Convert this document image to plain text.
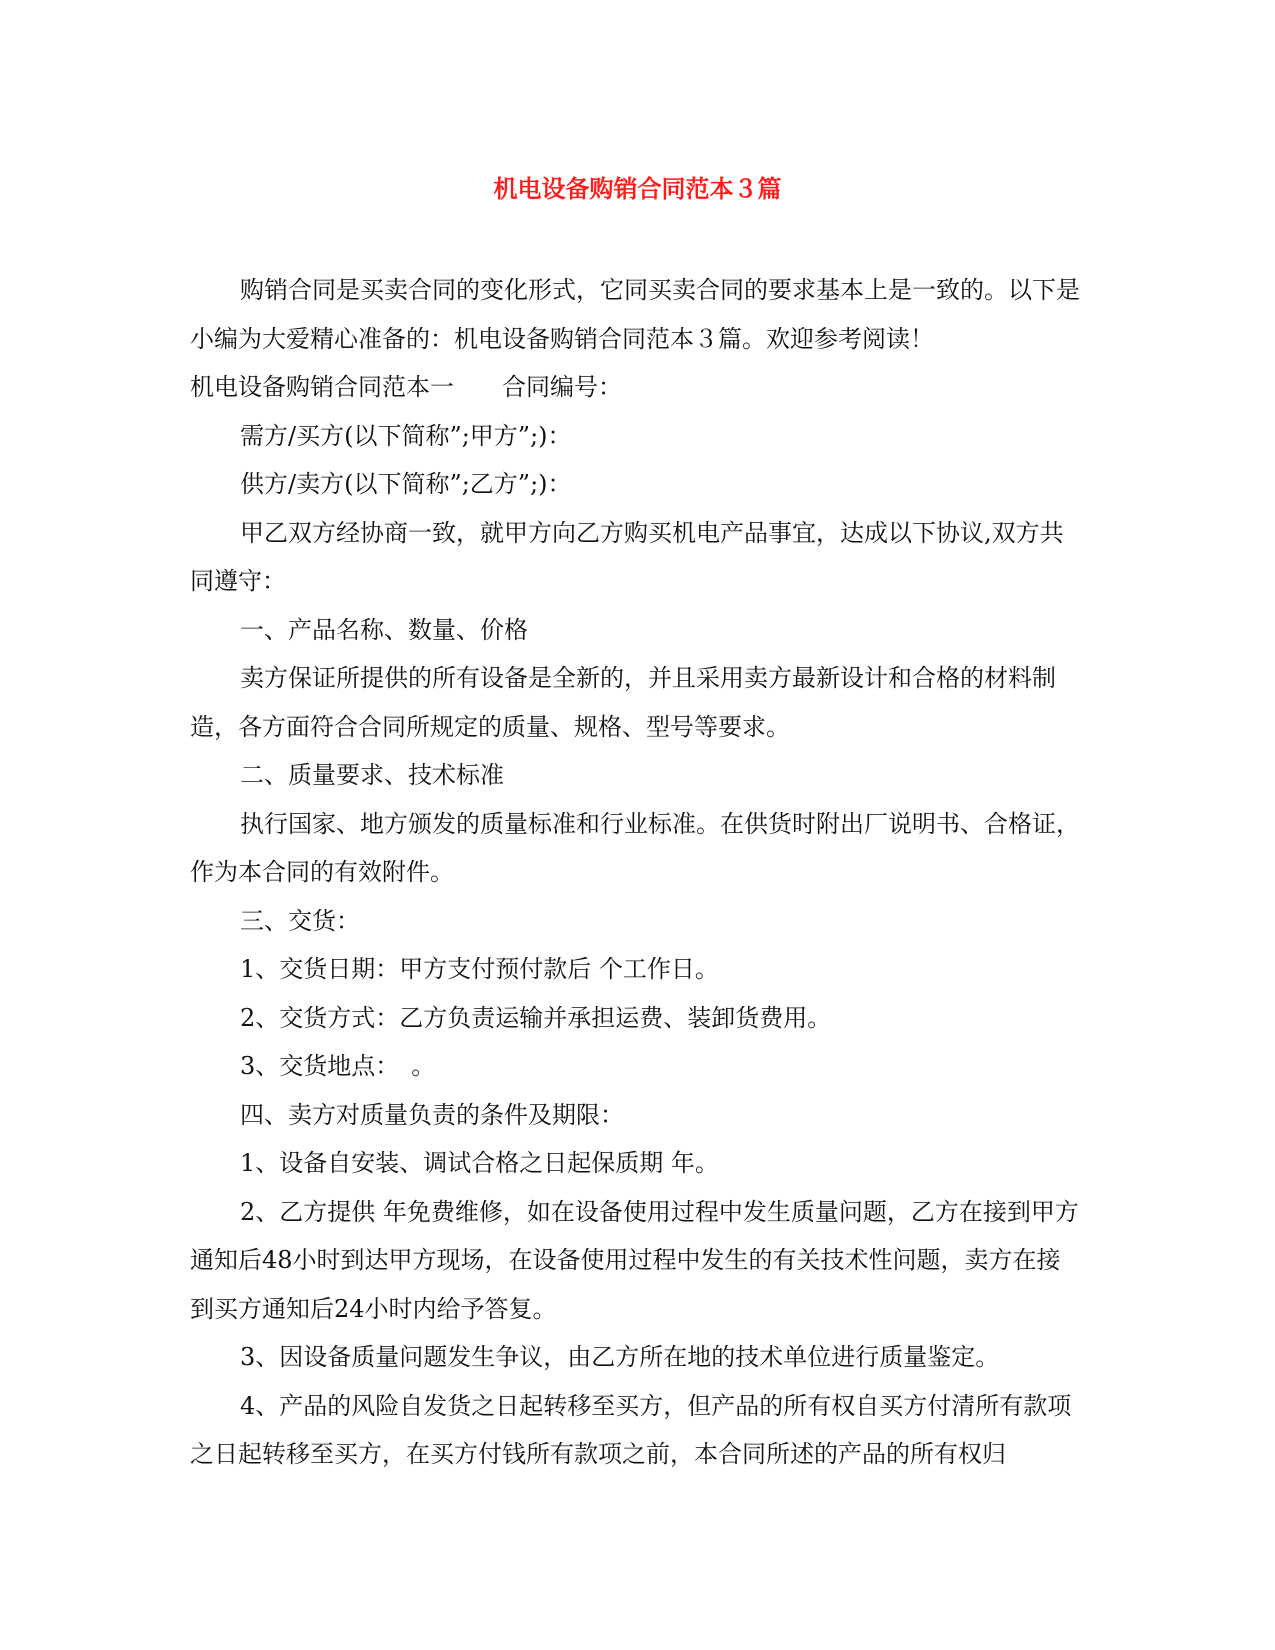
机电设备购销合同范本３篇

购销合同是买卖合同的变化形式，它同买卖合同的要求基本上是一致的。以下是小编为大爱精心准备的：机电设备购销合同范本３篇。欢迎参考阅读！

机电设备购销合同范本一 合同编号：

需方/买方(以下简称”;甲方”;)：

供方/卖方(以下简称”;乙方”;)：

甲乙双方经协商一致，就甲方向乙方购买机电产品事宜，达成以下协议,双方共同遵守：

一、产品名称、数量、价格

卖方保证所提供的所有设备是全新的，并且采用卖方最新设计和合格的材料制造，各方面符合合同所规定的质量、规格、型号等要求。

二、质量要求、技术标准

执行国家、地方颁发的质量标准和行业标准。在供货时附出厂说明书、合格证，作为本合同的有效附件。

三、交货：

1、交货日期：甲方支付预付款后 个工作日。

2、交货方式：乙方负责运输并承担运费、装卸货费用。

3、交货地点：　。

四、卖方对质量负责的条件及期限：

1、设备自安装、调试合格之日起保质期 年。

2、乙方提供 年免费维修，如在设备使用过程中发生质量问题，乙方在接到甲方通知后48小时到达甲方现场，在设备使用过程中发生的有关技术性问题，卖方在接到买方通知后24小时内给予答复。

3、因设备质量问题发生争议，由乙方所在地的技术单位进行质量鉴定。

4、产品的风险自发货之日起转移至买方，但产品的所有权自买方付清所有款项之日起转移至买方，在买方付钱所有款项之前，本合同所述的产品的所有权归
